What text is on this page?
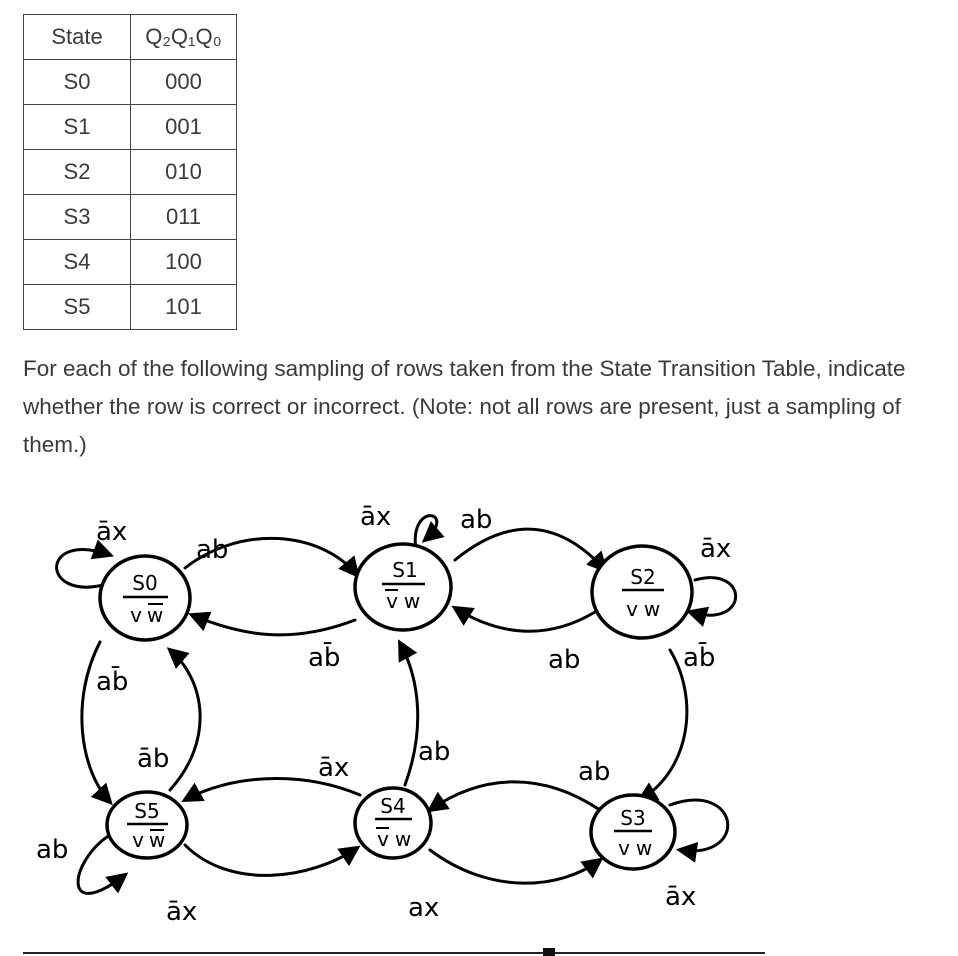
State	Q₂Q₁Q₀
S0	000
S1	001
S2	010
S3	011
S4	100
S5	101

For each of the following sampling of rows taken from the State Transition Table, indicate whether the row is correct or incorrect. (Note: not all rows are present, just a sampling of them.)

S0
v w
S1
v w
S2
v w
S5
v w
S4
v w
S3
v w
āx
ab
ab̄
āx	ab
ab̄
āx
ab	ab̄
āx
ab
ab
āx
ax
ab
āb
āx
